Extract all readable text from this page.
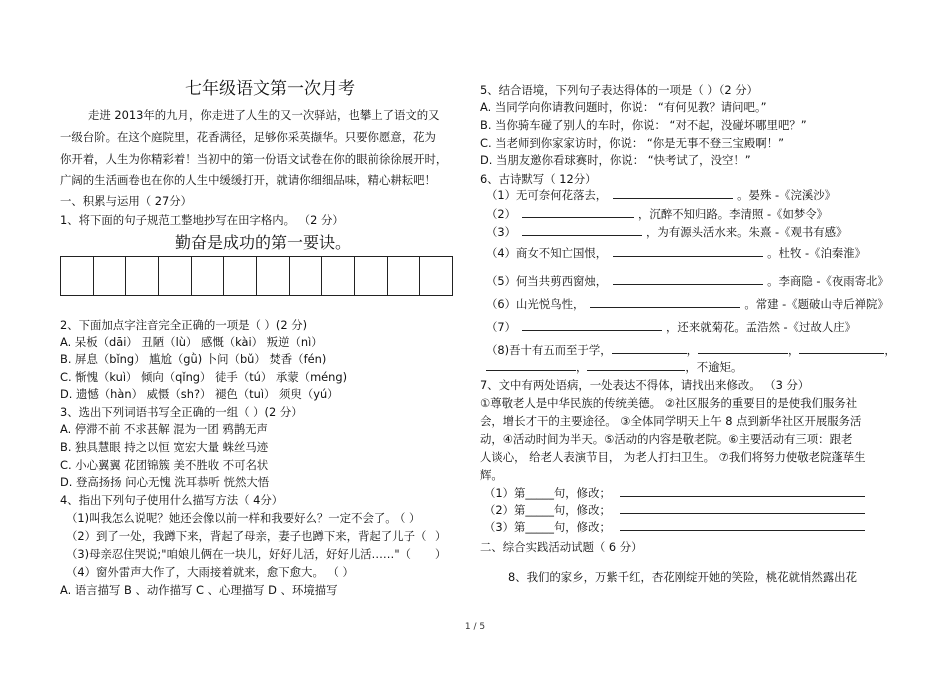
七年级语文第一次月考
走进 2013年的九月，你走进了人生的又一次驿站，也攀上了语文的又
一级台阶。在这个庭院里，花香满径，足够你采英撷华。只要你愿意，花为
你开着，人生为你精彩着！当初中的第一份语文试卷在你的眼前徐徐展开时，
广阔的生活画卷也在你的人生中缓缓打开，就请你细细品味，精心耕耘吧！
一、积累与运用（ 27分）
1、将下面的句子规范工整地抄写在田字格内。 （2 分）
勤奋是成功的第一要诀。
2、下面加点字注音完全正确的一项是（ ）(2 分)
A. 呆板（dāi） 丑陋（lù） 感慨（kài） 叛逆（nì）
B. 屏息（bǐng） 尴尬（gǜ) 卜问（bǔ） 焚香（fén)
C. 惭愧（kuì） 倾向（qǐng） 徒手（tú） 承蒙（méng)
D. 遗憾（hàn） 威慑（sh?） 褪色（tuì） 须臾（yú）
3、选出下列词语书写全正确的一组（ ）(2 分）
A. 停滞不前 不求甚解 混为一团 鸦鹊无声
B. 独具慧眼 持之以恒 宽宏大量 蛛丝马迹
C. 小心翼翼 花团锦簇 美不胜收 不可名状
D. 登高扬扬 问心无愧 洗耳恭听 恍然大悟
4、指出下列句子使用什么描写方法（ 4分）
（1)叫我怎么说呢？她还会像以前一样和我要好么？一定不会了。
（ ）
（2）到了一处，我蹲下来，背起了母亲，妻子也蹲下来，背起了儿子（ ）
（3)母亲忍住哭说;"咱娘儿俩在一块儿，好好儿活，好好儿活……"（ ）
（4）窗外雷声大作了，大雨接着就来，愈下愈大。 （ ）
A. 语言描写 B 、动作描写 C 、心理描写 D 、环境描写
5、结合语境，下列句子表达得体的一项是（ ）（2 分）
A. 当同学向你请教问题时，你说： “有何见教？请问吧。”
B. 当你骑车碰了别人的车时，你说： “对不起，没碰坏哪里吧？”
C. 当老师到你家家访时，你说： “你是无事不登三宝殿啊！”
D. 当朋友邀你看球赛时，你说： “快考试了，没空！”
6、古诗默写（ 12分）
（1）无可奈何花落去，	。晏殊 -《浣溪沙》
（2）	，沉醉不知归路。李清照 -《如梦令》
（3）	，为有源头活水来。朱熹 -《观书有感》
（4）商女不知亡国恨，	。杜牧 -《泊秦淮》
（5）何当共剪西窗烛，	。李商隐 -《夜雨寄北》
（6）山光悦鸟性，	。常建 -《题破山寺后禅院》
（7）	，还来就菊花。孟浩然 -《过故人庄》
（8)吾十有五而至于学，	，	，	，
，	，不逾矩。
7、文中有两处语病，一处表达不得体，请找出来修改。 （3 分）
①尊敬老人是中华民族的传统美德。 ②社区服务的重要目的是使我们服务社
会，增长才干的主要途径。 ③全体同学明天上午 8 点到新华社区开展服务活
动，④活动时间为半天。⑤活动的内容是敬老院。⑥主要活动有三项：跟老
人谈心， 给老人表演节目， 为老人打扫卫生。 ⑦我们将努力使敬老院蓬荜生
辉。
（1）第_____句，修改；
（2）第_____句，修改；
（3）第_____句，修改；
二、综合实践活动试题（ 6 分）
8、我们的家乡，万紫千红，杏花刚绽开她的笑险，桃花就悄然露出花
1 / 5
